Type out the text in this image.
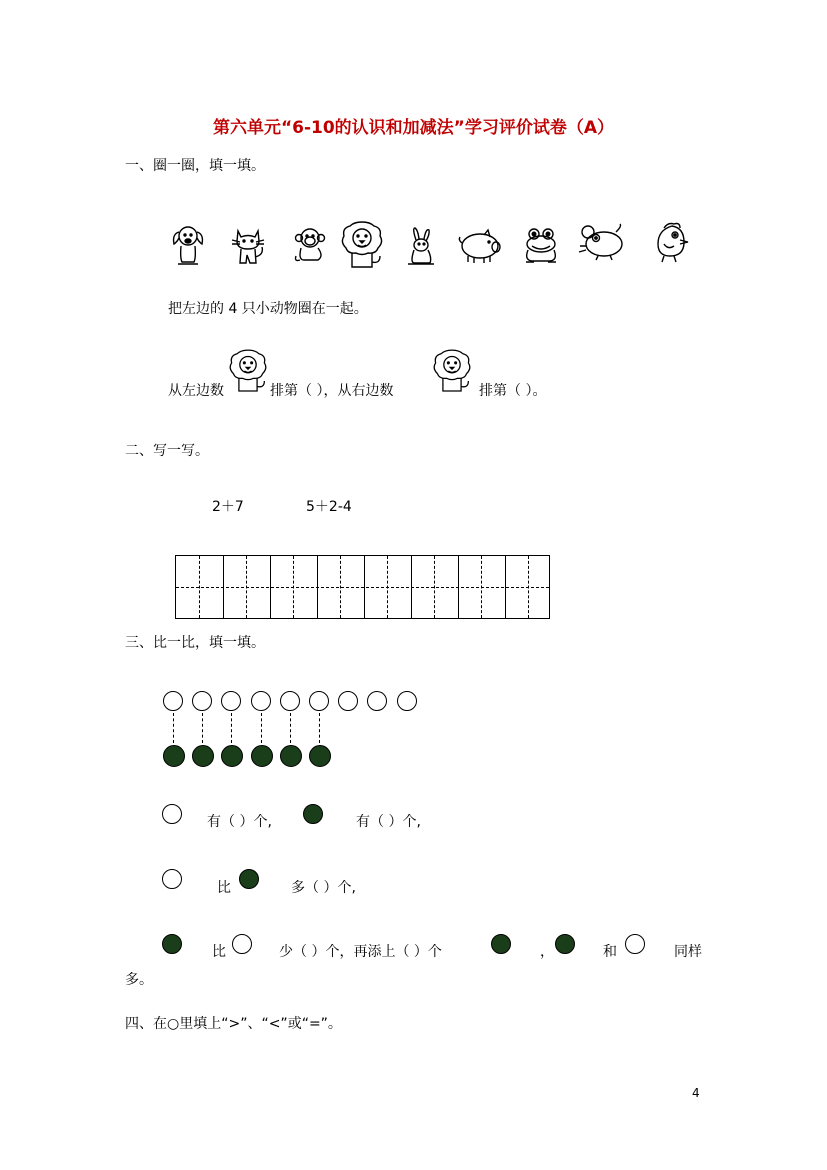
第六单元“6-10的认识和加减法”学习评价试卷（A）
一、圈一圈，填一填。
把左边的 4 只小动物圈在一起。
从左边数	排第（ ），从右边数	排第（ ）。
二、写一写。
2＋7	5＋2-4
三、比一比，填一填。
有（ ）个,	有（ ）个,
比	多（ ）个,
比	少（ ）个，再添上（ ）个	，	和	同样
多。
四、在○里填上“>”、“<”或“=”。
4
